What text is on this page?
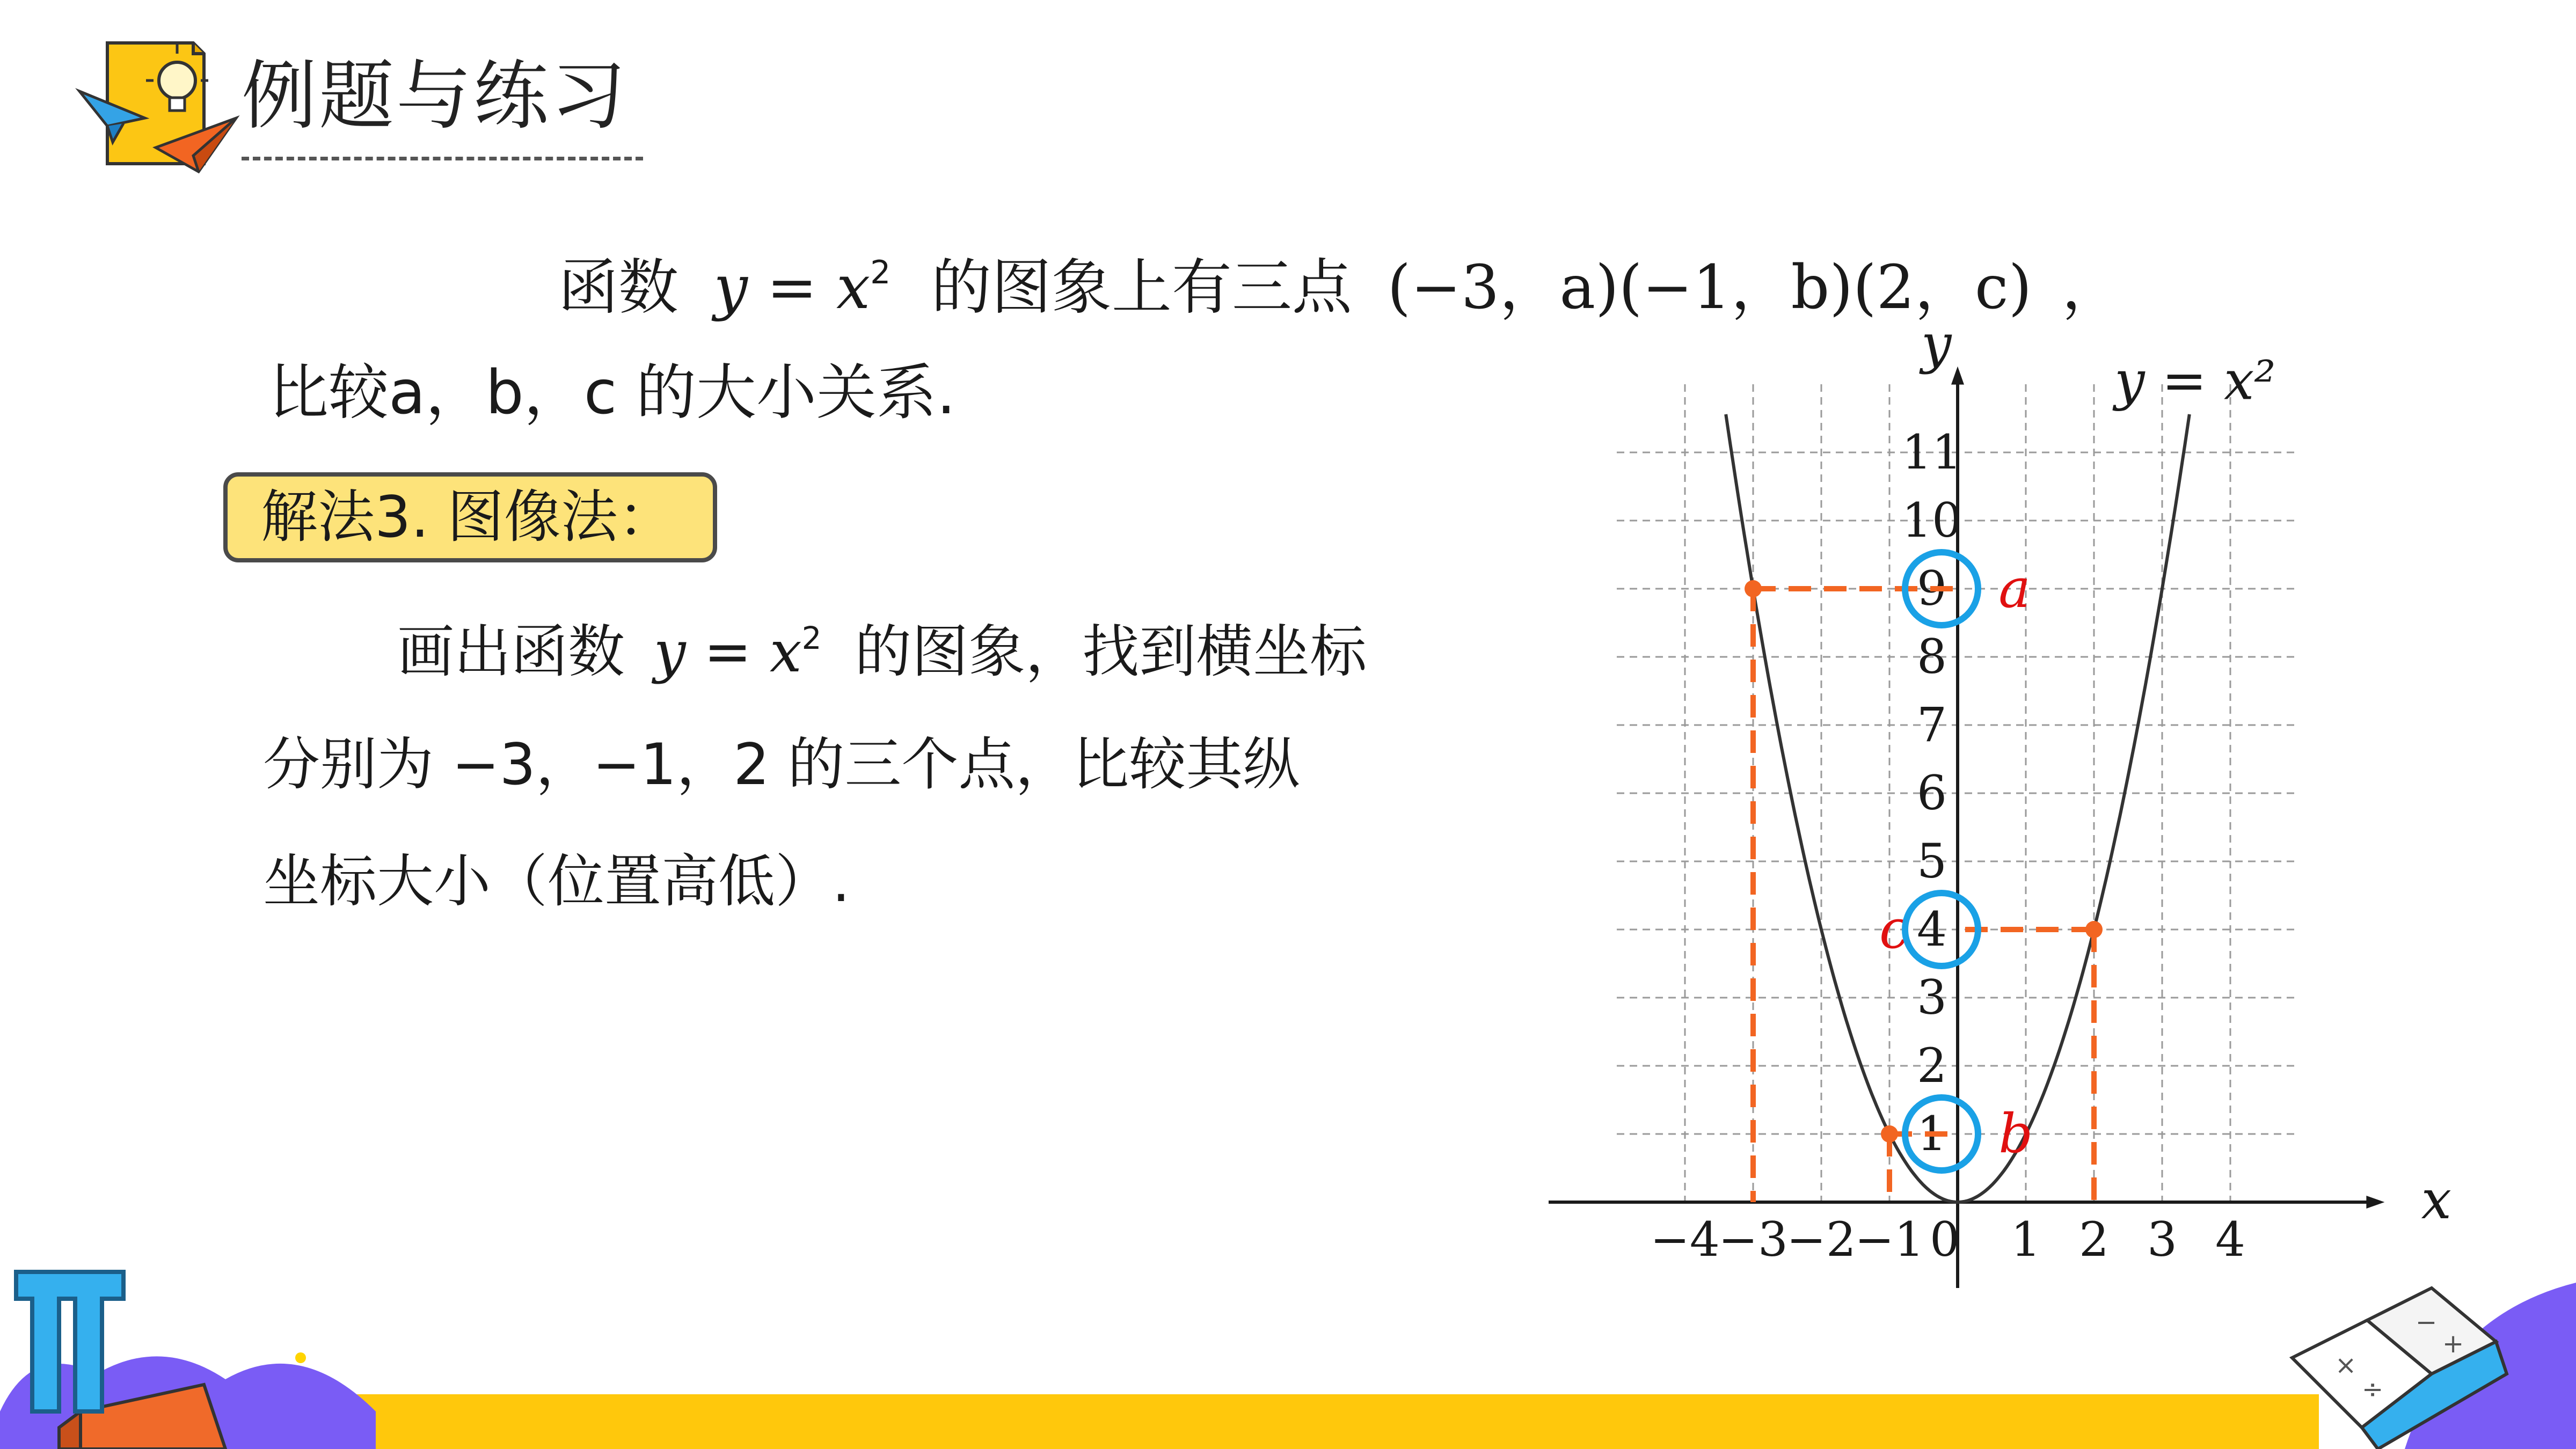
例题与练习
函数 $y = x^2$ 的图象上有三点 (−3，a)(−1，b)(2，c) ，
比较a，b，c 的大小关系.
解法3. 图像法：
画出函数 $y = x^2$ 的图象，找到横坐标
分别为 −3，−1，2 的三个点，比较其纵
坐标大小（位置高低）.
x
y
−4
−3
−2
−1 0 1 2 3 4
1
2
3
4
5
6
7
8
9
10
11
y = x²
a
b
c
×
÷
−
+
